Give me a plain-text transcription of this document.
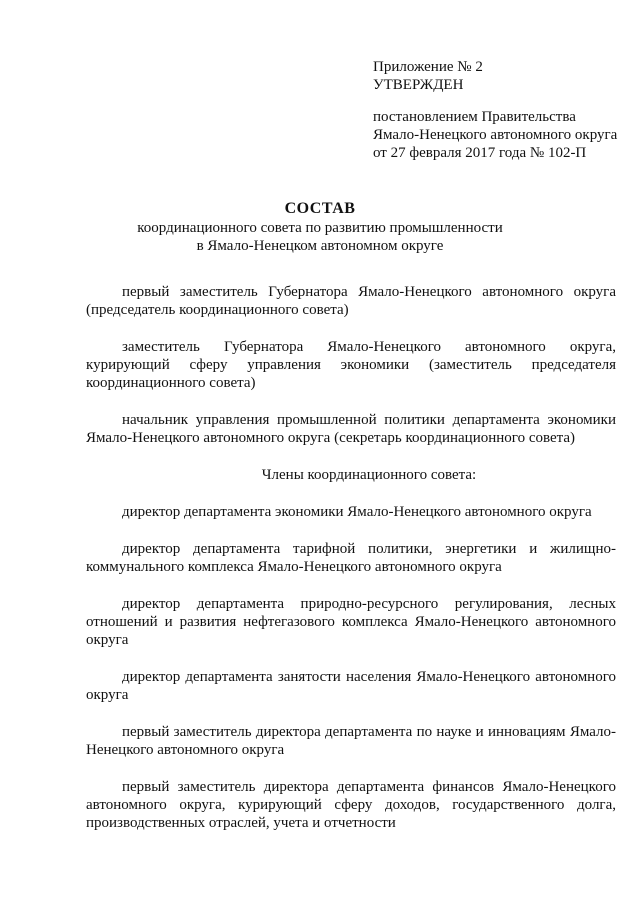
Приложение № 2
УТВЕРЖДЕН
постановлением Правительства
Ямало-Ненецкого автономного округа
от 27 февраля 2017 года № 102-П
СОСТАВ
координационного совета по развитию промышленности
в Ямало-Ненецком автономном округе

первый заместитель Губернатора Ямало-Ненецкого автономного округа (председатель координационного совета)

заместитель Губернатора Ямало-Ненецкого автономного округа, курирующий сферу управления экономики (заместитель председателя координационного совета)

начальник управления промышленной политики департамента экономики Ямало-Ненецкого автономного округа (секретарь координационного совета)

Члены координационного совета:

директор департамента экономики Ямало-Ненецкого автономного округа

директор департамента тарифной политики, энергетики и жилищно-коммунального комплекса Ямало-Ненецкого автономного округа

директор департамента природно-ресурсного регулирования, лесных отношений и развития нефтегазового комплекса Ямало-Ненецкого автономного округа

директор департамента занятости населения Ямало-Ненецкого автономного округа

первый заместитель директора департамента по науке и инновациям Ямало-Ненецкого автономного округа

первый заместитель директора департамента финансов Ямало-Ненецкого автономного округа, курирующий сферу доходов, государственного долга, производственных отраслей, учета и отчетности
